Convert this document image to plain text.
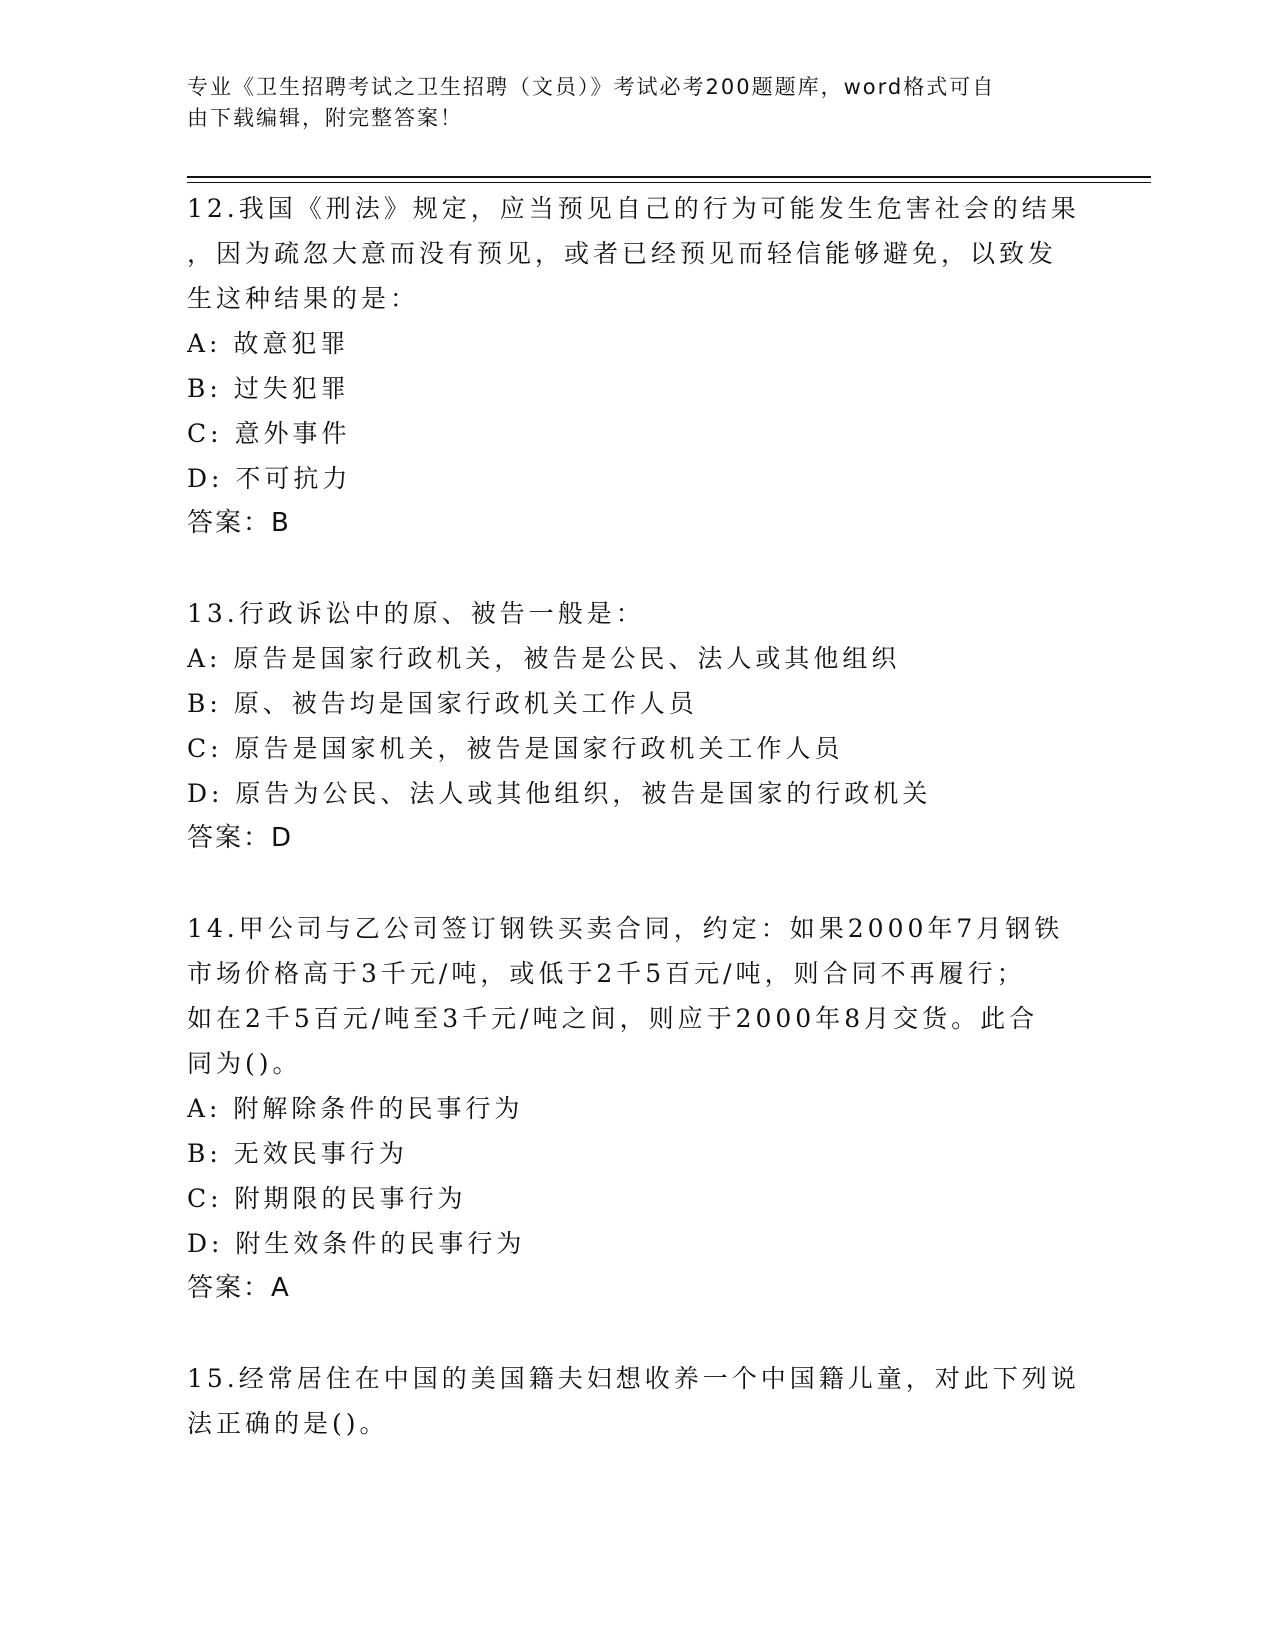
专业《卫生招聘考试之卫生招聘（文员）》考试必考200题题库，word格式可自
由下载编辑，附完整答案！

12.我国《刑法》规定，应当预见自己的行为可能发生危害社会的结果

，因为疏忽大意而没有预见，或者已经预见而轻信能够避免，以致发

生这种结果的是：

A: 故意犯罪

B: 过失犯罪

C: 意外事件

D: 不可抗力

答案：B

13.行政诉讼中的原、被告一般是：

A: 原告是国家行政机关，被告是公民、法人或其他组织

B: 原、被告均是国家行政机关工作人员

C: 原告是国家机关，被告是国家行政机关工作人员

D: 原告为公民、法人或其他组织，被告是国家的行政机关

答案：D

14.甲公司与乙公司签订钢铁买卖合同，约定：如果2000年7月钢铁

市场价格高于3千元/吨，或低于2千5百元/吨，则合同不再履行；

如在2千5百元/吨至3千元/吨之间，则应于2000年8月交货。此合

同为()。

A: 附解除条件的民事行为

B: 无效民事行为

C: 附期限的民事行为

D: 附生效条件的民事行为

答案：A

15.经常居住在中国的美国籍夫妇想收养一个中国籍儿童，对此下列说

法正确的是()。
